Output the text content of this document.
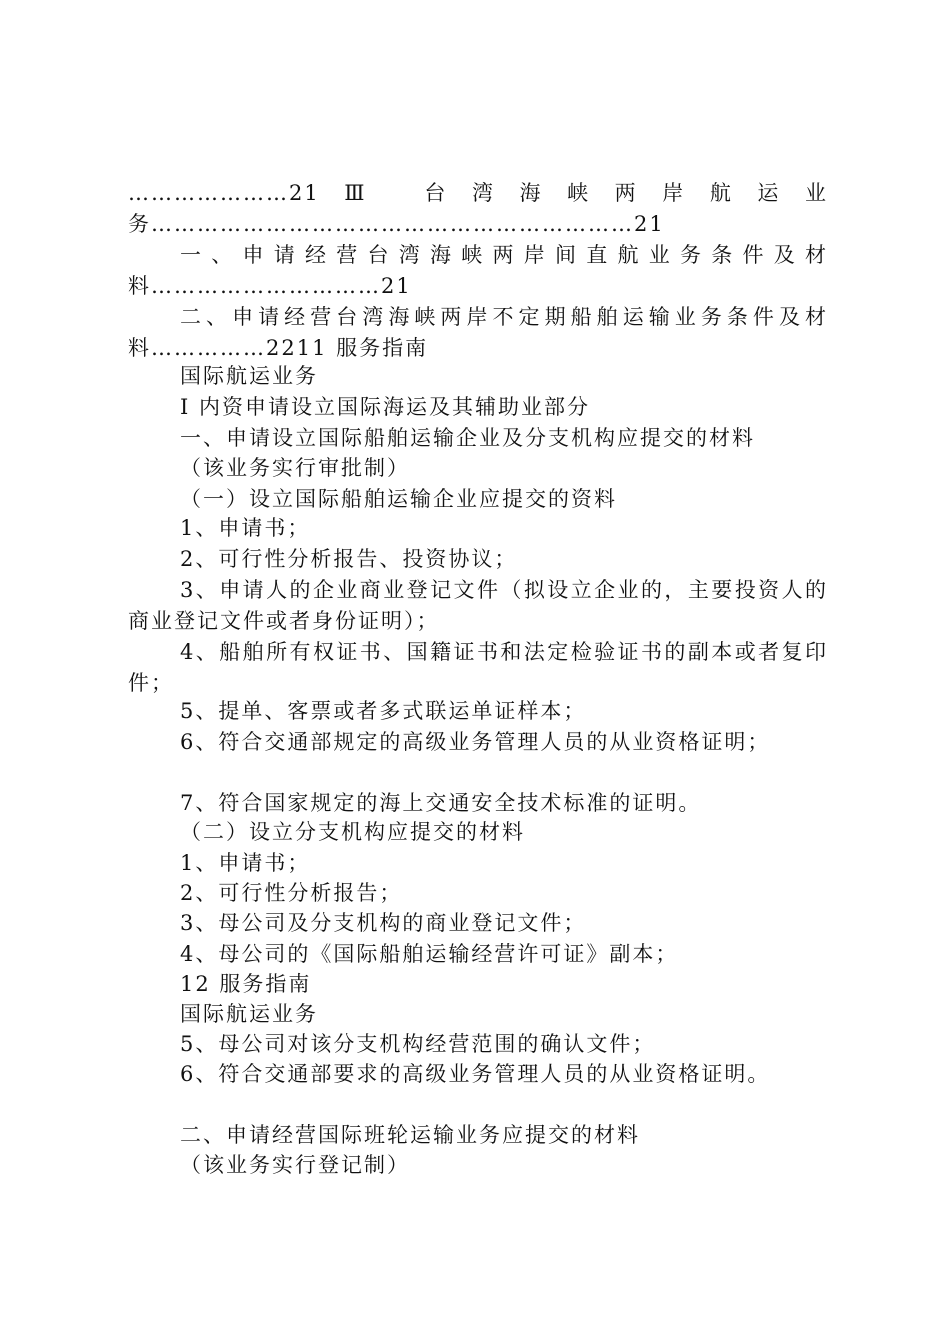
…………………21Ⅲ 台湾海峡两岸航运业务………………………………………………………21
一、申请经营台湾海峡两岸间直航业务条件及材料…………………………21
二、申请经营台湾海峡两岸不定期船舶运输业务条件及材料……………2211 服务指南
国际航运业务
Ⅰ 内资申请设立国际海运及其辅助业部分
一、申请设立国际船舶运输企业及分支机构应提交的材料
（该业务实行审批制）
（一）设立国际船舶运输企业应提交的资料
1、申请书；
2、可行性分析报告、投资协议；
3、申请人的企业商业登记文件（拟设立企业的，主要投资人的商业登记文件或者身份证明）；
4、船舶所有权证书、国籍证书和法定检验证书的副本或者复印件；
5、提单、客票或者多式联运单证样本；
6、符合交通部规定的高级业务管理人员的从业资格证明；
7、符合国家规定的海上交通安全技术标准的证明。
（二）设立分支机构应提交的材料
1、申请书；
2、可行性分析报告；
3、母公司及分支机构的商业登记文件；
4、母公司的《国际船舶运输经营许可证》副本；
12 服务指南
国际航运业务
5、母公司对该分支机构经营范围的确认文件；
6、符合交通部要求的高级业务管理人员的从业资格证明。
二、申请经营国际班轮运输业务应提交的材料
（该业务实行登记制）
